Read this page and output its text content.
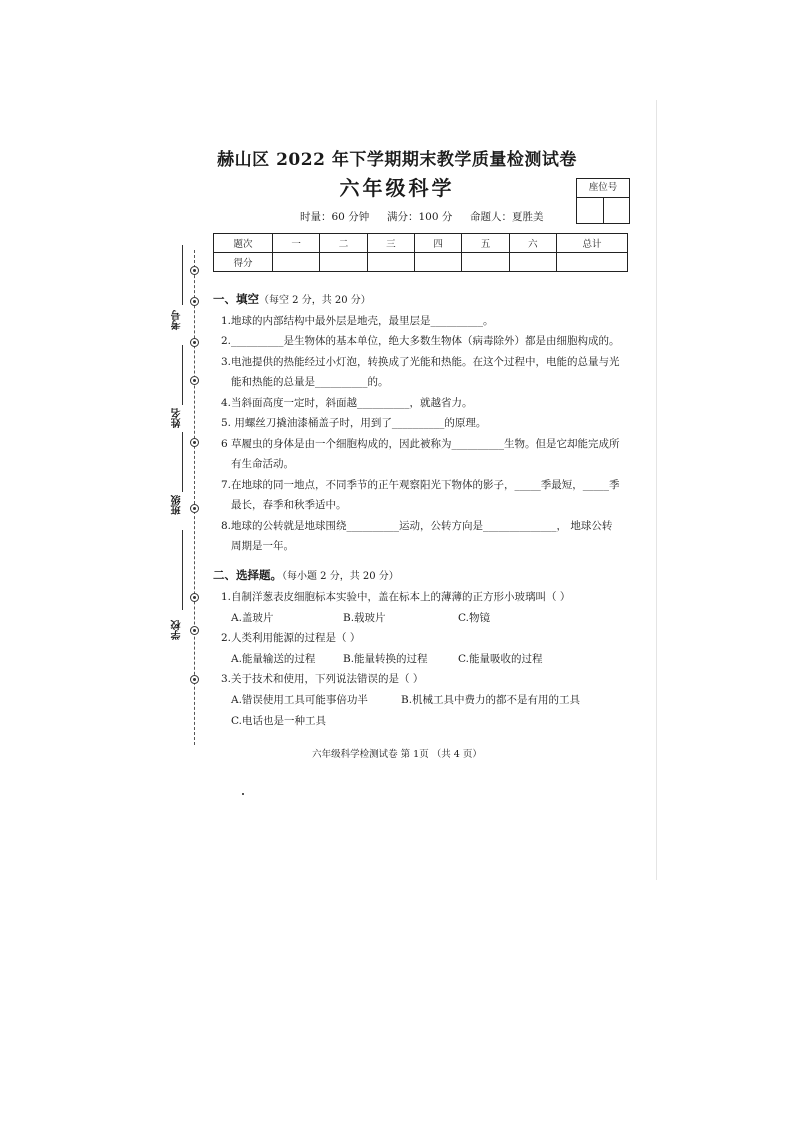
赫山区 2022 年下学期期末教学质量检测试卷
六年级科学
时量：60 分钟 满分：100 分 命题人：夏胜美
座位号
题次	一	二	三	四	五	六	总计
得分							
考号
姓名
班级
学校
一、填空（每空 2 分，共 20 分）
1.地球的内部结构中最外层是地壳，最里层是__________。
2.__________是生物体的基本单位，绝大多数生物体（病毒除外）都是由细胞构成的。
3.电池提供的热能经过小灯泡，转换成了光能和热能。在这个过程中，电能的总量与光
能和热能的总量是__________的。
4.当斜面高度一定时，斜面越__________，就越省力。
5. 用螺丝刀撬油漆桶盖子时，用到了__________的原理。
6 草履虫的身体是由一个细胞构成的，因此被称为__________生物。但是它却能完成所
有生命活动。
7.在地球的同一地点，不同季节的正午观察阳光下物体的影子，_____季最短，_____季
最长，春季和秋季适中。
8.地球的公转就是地球围绕__________运动，公转方向是______________， 地球公转
周期是一年。
二、选择题。（每小题 2 分，共 20 分）
1.自制洋葱表皮细胞标本实验中，盖在标本上的薄薄的正方形小玻璃叫（ ）
A.盖玻片	B.载玻片	C.物镜
2.人类利用能源的过程是（ ）
A.能量输送的过程	B.能量转换的过程	C.能量吸收的过程
3.关于技术和使用，下列说法错误的是（ ）
A.错误使用工具可能事倍功半	B.机械工具中费力的都不是有用的工具
C.电话也是一种工具
六年级科学检测试卷 第 1页 （共 4 页）
